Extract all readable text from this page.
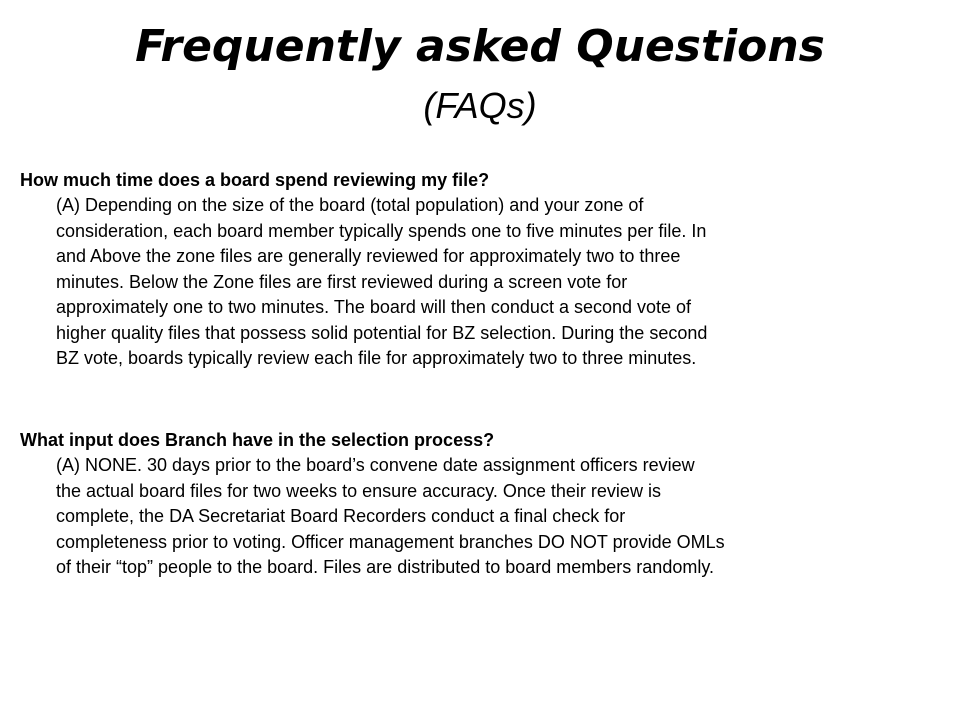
Frequently asked Questions
(FAQs)

How much time does a board spend reviewing my file?

(A) Depending on the size of the board (total population) and your zone of
consideration, each board member typically spends one to five minutes per file. In
and Above the zone files are generally reviewed for approximately two to three
minutes. Below the Zone files are first reviewed during a screen vote for
approximately one to two minutes. The board will then conduct a second vote of
higher quality files that possess solid potential for BZ selection. During the second
BZ vote, boards typically review each file for approximately two to three minutes.

What input does Branch have in the selection process?

(A) NONE. 30 days prior to the board’s convene date assignment officers review
the actual board files for two weeks to ensure accuracy. Once their review is
complete, the DA Secretariat Board Recorders conduct a final check for
completeness prior to voting. Officer management branches DO NOT provide OMLs
of their “top” people to the board. Files are distributed to board members randomly.
